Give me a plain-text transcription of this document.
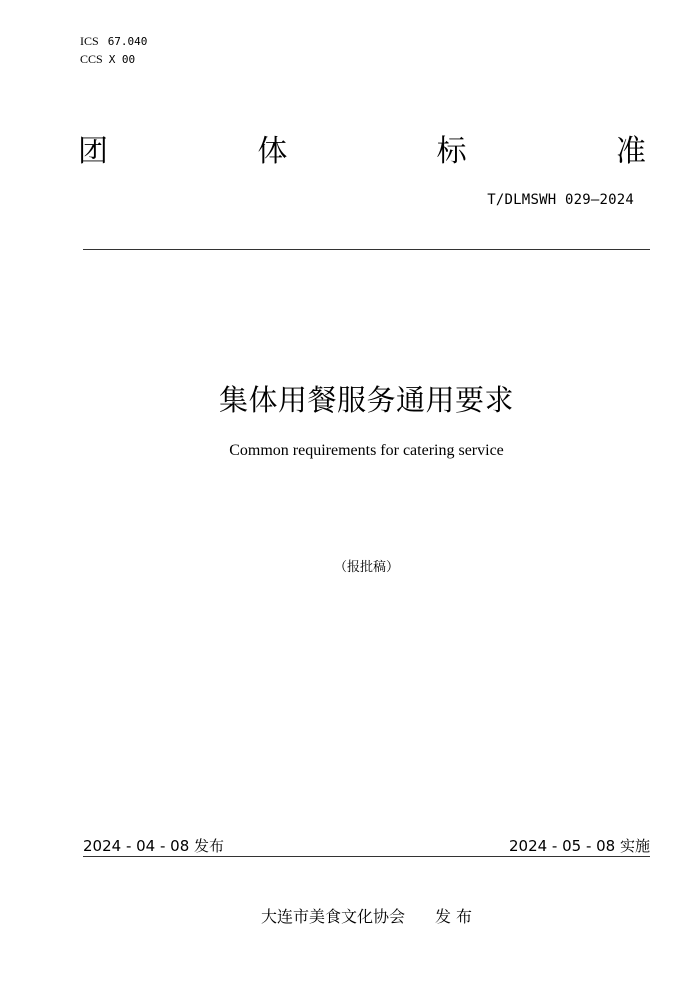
ICS 67.040
CCS X 00
团	体	标	准
T/DLMSWH 029—2024
集体用餐服务通用要求
Common requirements for catering service
（报批稿）
2024 - 04 - 08 发布	2024 - 05 - 08 实施
大连市美食文化协会 发 布
